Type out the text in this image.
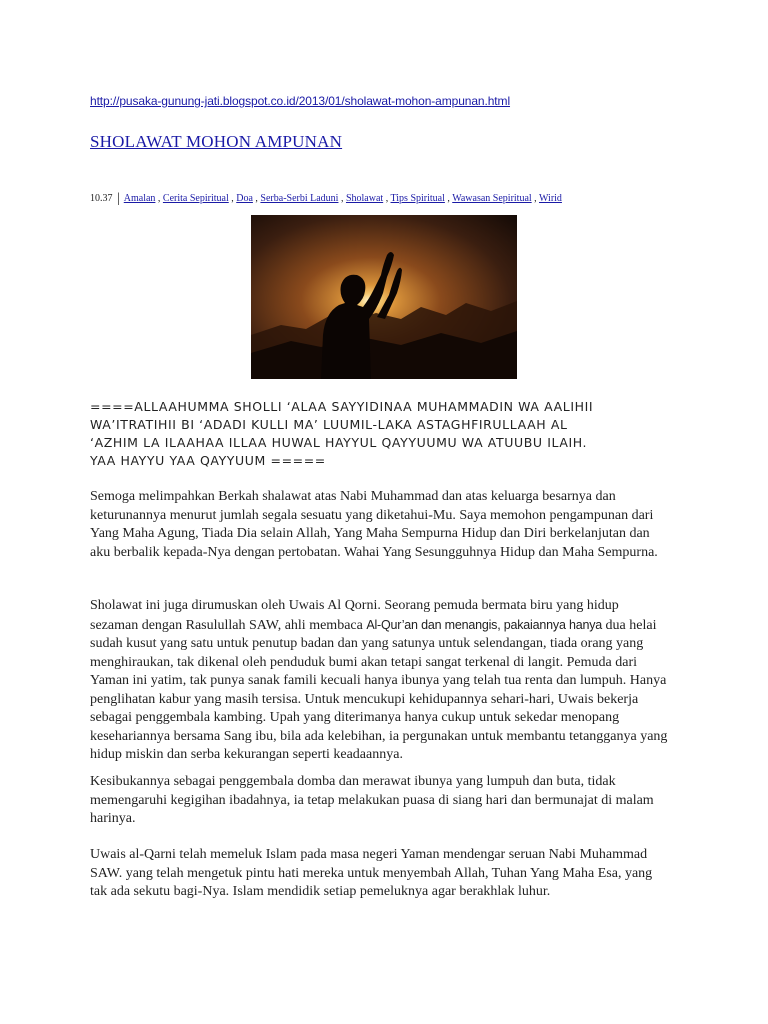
http://pusaka-gunung-jati.blogspot.co.id/2013/01/sholawat-mohon-ampunan.html
SHOLAWAT MOHON AMPUNAN
10.37 | Amalan , Cerita Sepiritual , Doa , Serba-Serbi Laduni , Sholawat , Tips Spiritual , Wawasan Sepiritual , Wirid
====ALLAAHUMMA SHOLLI ‘ALAA SAYYIDINAA MUHAMMADIN WA AALIHII
WA’ITRATIHII BI ‘ADADI KULLI MA’ LUUMIL-LAKA ASTAGHFIRULLAAH AL
‘AZHIM LA ILAAHAA ILLAA HUWAL HAYYUL QAYYUUMU WA ATUUBU ILAIH.
YAA HAYYU YAA QAYYUUM =====

Semoga melimpahkan Berkah shalawat atas Nabi Muhammad dan atas keluarga besarnya dan keturunannya menurut jumlah segala sesuatu yang diketahui-Mu. Saya memohon pengampunan dari Yang Maha Agung, Tiada Dia selain Allah, Yang Maha Sempurna Hidup dan Diri berkelanjutan dan aku berbalik kepada-Nya dengan pertobatan. Wahai Yang Sesungguhnya Hidup dan Maha Sempurna.

Sholawat ini juga dirumuskan oleh Uwais Al Qorni. Seorang pemuda bermata biru yang hidup sezaman dengan Rasulullah SAW, ahli membaca Al-Qur’an dan menangis, pakaiannya hanya dua helai sudah kusut yang satu untuk penutup badan dan yang satunya untuk selendangan, tiada orang yang menghiraukan, tak dikenal oleh penduduk bumi akan tetapi sangat terkenal di langit. Pemuda dari Yaman ini yatim, tak punya sanak famili kecuali hanya ibunya yang telah tua renta dan lumpuh. Hanya penglihatan kabur yang masih tersisa. Untuk mencukupi kehidupannya sehari-hari, Uwais bekerja sebagai penggembala kambing. Upah yang diterimanya hanya cukup untuk sekedar menopang kesehariannya bersama Sang ibu, bila ada kelebihan, ia pergunakan untuk membantu tetangganya yang hidup miskin dan serba kekurangan seperti keadaannya.

Kesibukannya sebagai penggembala domba dan merawat ibunya yang lumpuh dan buta, tidak memengaruhi kegigihan ibadahnya, ia tetap melakukan puasa di siang hari dan bermunajat di malam harinya.

Uwais al-Qarni telah memeluk Islam pada masa negeri Yaman mendengar seruan Nabi Muhammad SAW. yang telah mengetuk pintu hati mereka untuk menyembah Allah, Tuhan Yang Maha Esa, yang tak ada sekutu bagi-Nya. Islam mendidik setiap pemeluknya agar berakhlak luhur.
